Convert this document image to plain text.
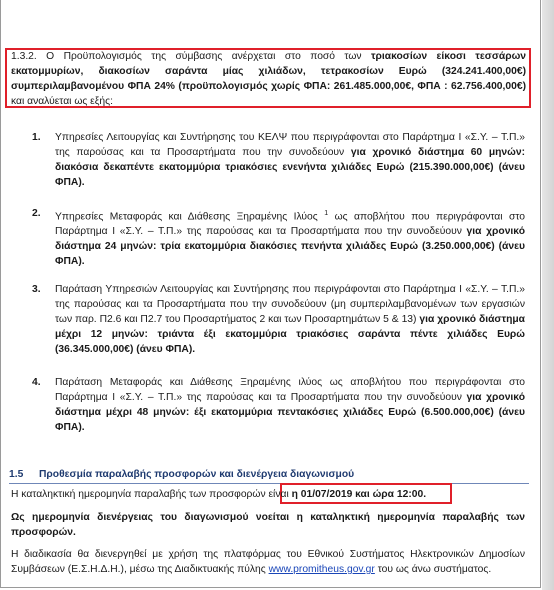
1.3.2. Ο Προϋπολογισμός της σύμβασης ανέρχεται στο ποσό των τριακοσίων είκοσι τεσσάρων εκατομμυρίων, διακοσίων σαράντα μίας χιλιάδων, τετρακοσίων Ευρώ (324.241.400,00€) συμπεριλαμβανομένου ΦΠΑ 24% (προϋπολογισμός χωρίς ΦΠΑ: 261.485.000,00€, ΦΠΑ : 62.756.400,00€) και αναλύεται ως εξής:
1. Υπηρεσίες Λειτουργίας και Συντήρησης του ΚΕΛΨ που περιγράφονται στο Παράρτημα Ι «Σ.Υ. – Τ.Π.» της παρούσας και τα Προσαρτήματα που την συνοδεύουν για χρονικό διάστημα 60 μηνών: διακόσια δεκαπέντε εκατομμύρια τριακόσιες ενενήντα χιλιάδες Ευρώ (215.390.000,00€) (άνευ ΦΠΑ).
2. Υπηρεσίες Μεταφοράς και Διάθεσης Ξηραμένης Ιλύος $^1$ ως αποβλήτου που περιγράφονται στο Παράρτημα Ι «Σ.Υ. – Τ.Π.» της παρούσας και τα Προσαρτήματα που την συνοδεύουν για χρονικό διάστημα 24 μηνών: τρία εκατομμύρια διακόσιες πενήντα χιλιάδες Ευρώ (3.250.000,00€) (άνευ ΦΠΑ).
3. Παράταση Υπηρεσιών Λειτουργίας και Συντήρησης που περιγράφονται στο Παράρτημα Ι «Σ.Υ. – Τ.Π.» της παρούσας και τα Προσαρτήματα που την συνοδεύουν (μη συμπεριλαμβανομένων των εργασιών των παρ. Π2.6 και Π2.7 του Προσαρτήματος 2 και των Προσαρτημάτων 5 & 13) για χρονικό διάστημα μέχρι 12 μηνών: τριάντα έξι εκατομμύρια τριακόσιες σαράντα πέντε χιλιάδες Ευρώ (36.345.000,00€) (άνευ ΦΠΑ).
4. Παράταση Μεταφοράς και Διάθεσης Ξηραμένης ιλύος ως αποβλήτου που περιγράφονται στο Παράρτημα Ι «Σ.Υ. – Τ.Π.» της παρούσας και τα Προσαρτήματα που την συνοδεύουν για χρονικό διάστημα μέχρι 48 μηνών: έξι εκατομμύρια πεντακόσιες χιλιάδες Ευρώ (6.500.000,00€) (άνευ ΦΠΑ).
1.5 Προθεσμία παραλαβής προσφορών και διενέργεια διαγωνισμού
Η καταληκτική ημερομηνία παραλαβής των προσφορών είναι η 01/07/2019 και ώρα 12:00.
Ως ημερομηνία διενέργειας του διαγωνισμού νοείται η καταληκτική ημερομηνία παραλαβής των προσφορών.
Η διαδικασία θα διενεργηθεί με χρήση της πλατφόρμας του Εθνικού Συστήματος Ηλεκτρονικών Δημοσίων Συμβάσεων (Ε.Σ.Η.Δ.Η.), μέσω της Διαδικτυακής πύλης www.promitheus.gov.gr του ως άνω συστήματος.
